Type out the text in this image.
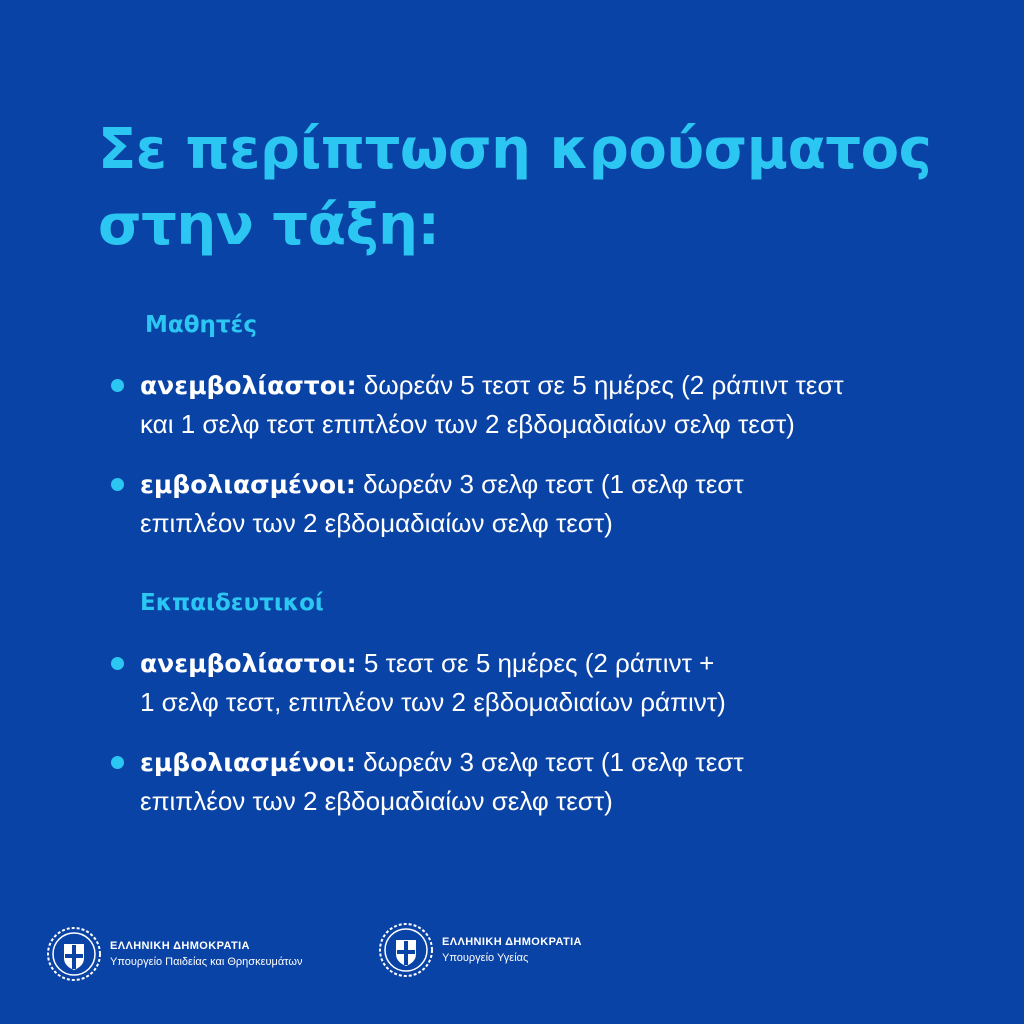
Σε περίπτωση κρούσματος
στην τάξη:
Μαθητές
ανεμβολίαστοι: δωρεάν 5 τεστ σε 5 ημέρες (2 ράπιντ τεστ
και 1 σελφ τεστ επιπλέον των 2 εβδομαδιαίων σελφ τεστ)
εμβολιασμένοι: δωρεάν 3 σελφ τεστ (1 σελφ τεστ
επιπλέον των 2 εβδομαδιαίων σελφ τεστ)
Εκπαιδευτικοί
ανεμβολίαστοι: 5 τεστ σε 5 ημέρες (2 ράπιντ +
1 σελφ τεστ, επιπλέον των 2 εβδομαδιαίων ράπιντ)
εμβολιασμένοι: δωρεάν 3 σελφ τεστ (1 σελφ τεστ
επιπλέον των 2 εβδομαδιαίων σελφ τεστ)
ΕΛΛΗΝΙΚΗ ΔΗΜΟΚΡΑΤΙΑ
Υπουργείο Παιδείας και Θρησκευμάτων
ΕΛΛΗΝΙΚΗ ΔΗΜΟΚΡΑΤΙΑ
Υπουργείο Υγείας
